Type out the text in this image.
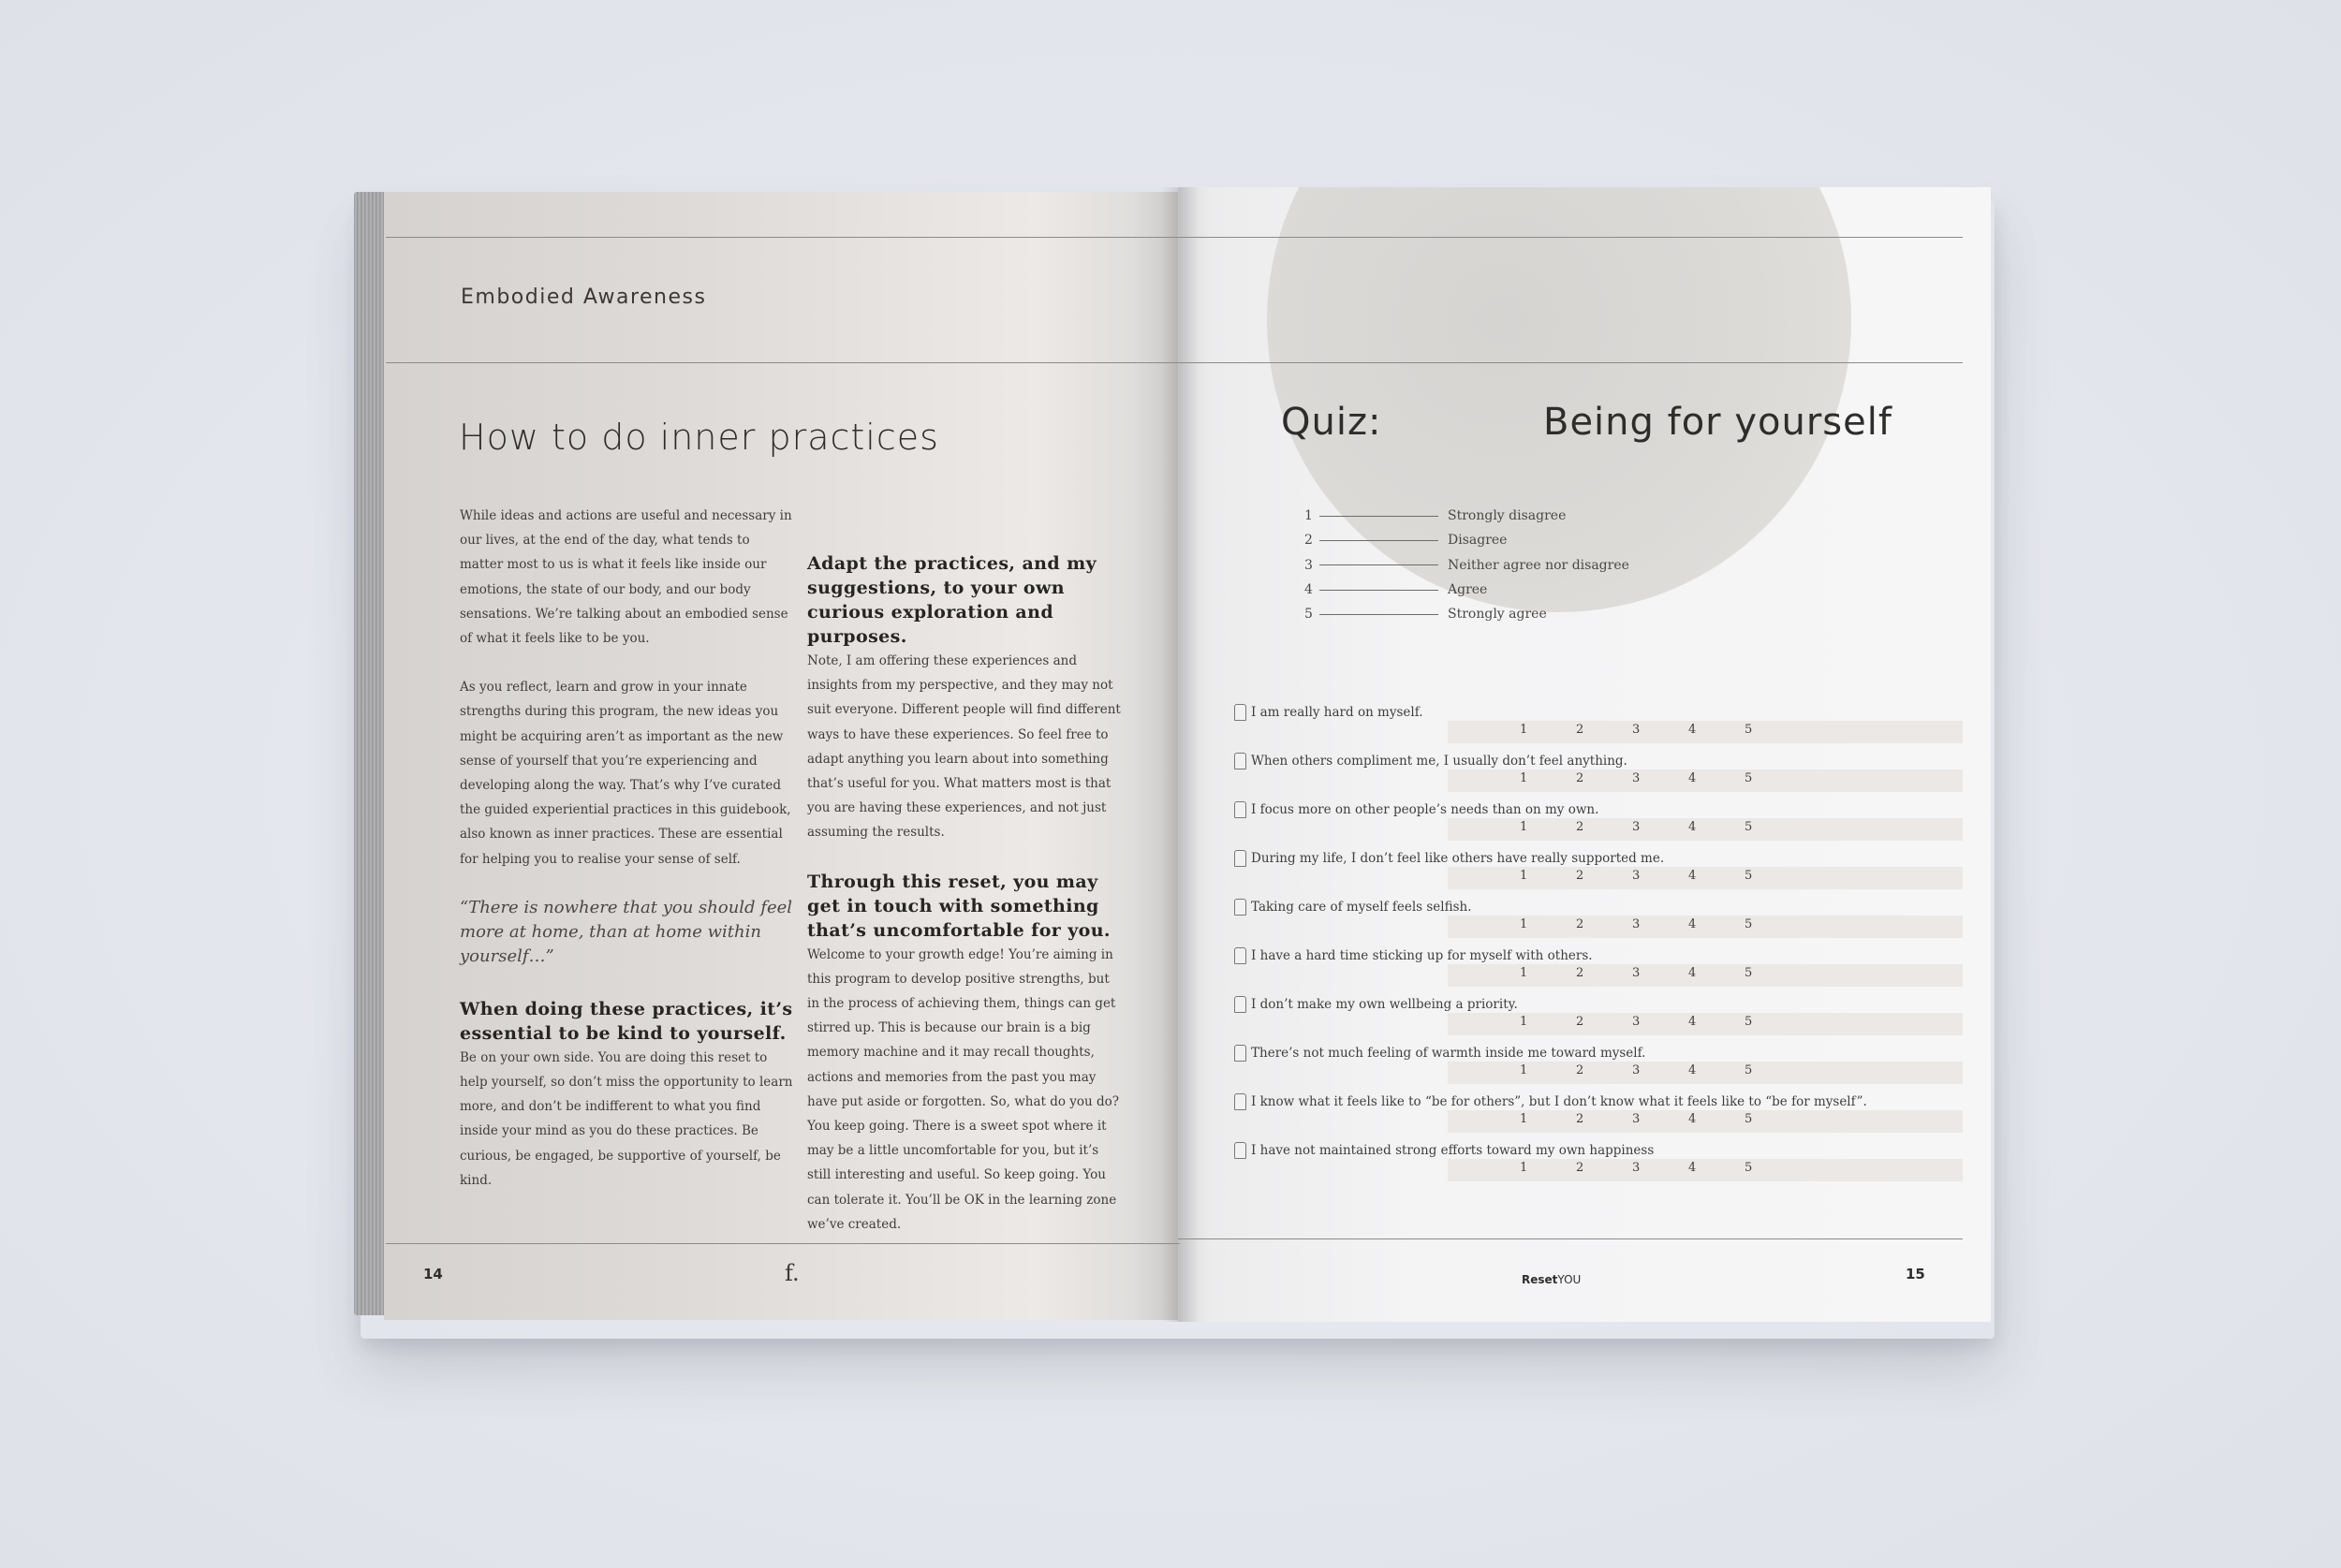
Embodied Awareness
How to do inner practices

While ideas and actions are useful and necessary in our lives, at the end of the day, what tends to matter most to us is what it feels like inside our emotions, the state of our body, and our body sensations. We’re talking about an embodied sense of what it feels like to be you.

As you reflect, learn and grow in your innate strengths during this program, the new ideas you might be acquiring aren’t as important as the new sense of yourself that you’re experiencing and developing along the way. That’s why I’ve curated the guided experiential practices in this guidebook, also known as inner practices. These are essential for helping you to realise your sense of self.

“There is nowhere that you should feel more at home, than at home within yourself…”

When doing these practices, it’s essential to be kind to yourself.

Be on your own side. You are doing this reset to help yourself, so don’t miss the opportunity to learn more, and don’t be indifferent to what you find inside your mind as you do these practices. Be curious, be engaged, be supportive of yourself, be kind.

Adapt the practices, and my suggestions, to your own curious exploration and purposes.

Note, I am offering these experiences and insights from my perspective, and they may not suit everyone. Different people will find different ways to have these experiences. So feel free to adapt anything you learn about into something that’s useful for you. What matters most is that you are having these experiences, and not just assuming the results.

Through this reset, you may get in touch with something that’s uncomfortable for you.

Welcome to your growth edge! You’re aiming in this program to develop positive strengths, but in the process of achieving them, things can get stirred up. This is because our brain is a big memory machine and it may recall thoughts, actions and memories from the past you may have put aside or forgotten. So, what do you do? You keep going. There is a sweet spot where it may be a little uncomfortable for you, but it’s still interesting and useful. So keep going. You can tolerate it. You’ll be OK in the learning zone we’ve created.

14	f.
Quiz:	Being for yourself
1	Strongly disagree
2	Disagree
3	Neither agree nor disagree
4	Agree
5	Strongly agree
I am really hard on myself.
1	2	3	4	5
When others compliment me, I usually don’t feel anything.
1	2	3	4	5
I focus more on other people’s needs than on my own.
1	2	3	4	5
During my life, I don’t feel like others have really supported me.
1	2	3	4	5
Taking care of myself feels selfish.
1	2	3	4	5
I have a hard time sticking up for myself with others.
1	2	3	4	5
I don’t make my own wellbeing a priority.
1	2	3	4	5
There’s not much feeling of warmth inside me toward myself.
1	2	3	4	5
I know what it feels like to “be for others”, but I don’t know what it feels like to “be for myself”.
1	2	3	4	5
I have not maintained strong efforts toward my own happiness
1	2	3	4	5
ResetYOU	15
